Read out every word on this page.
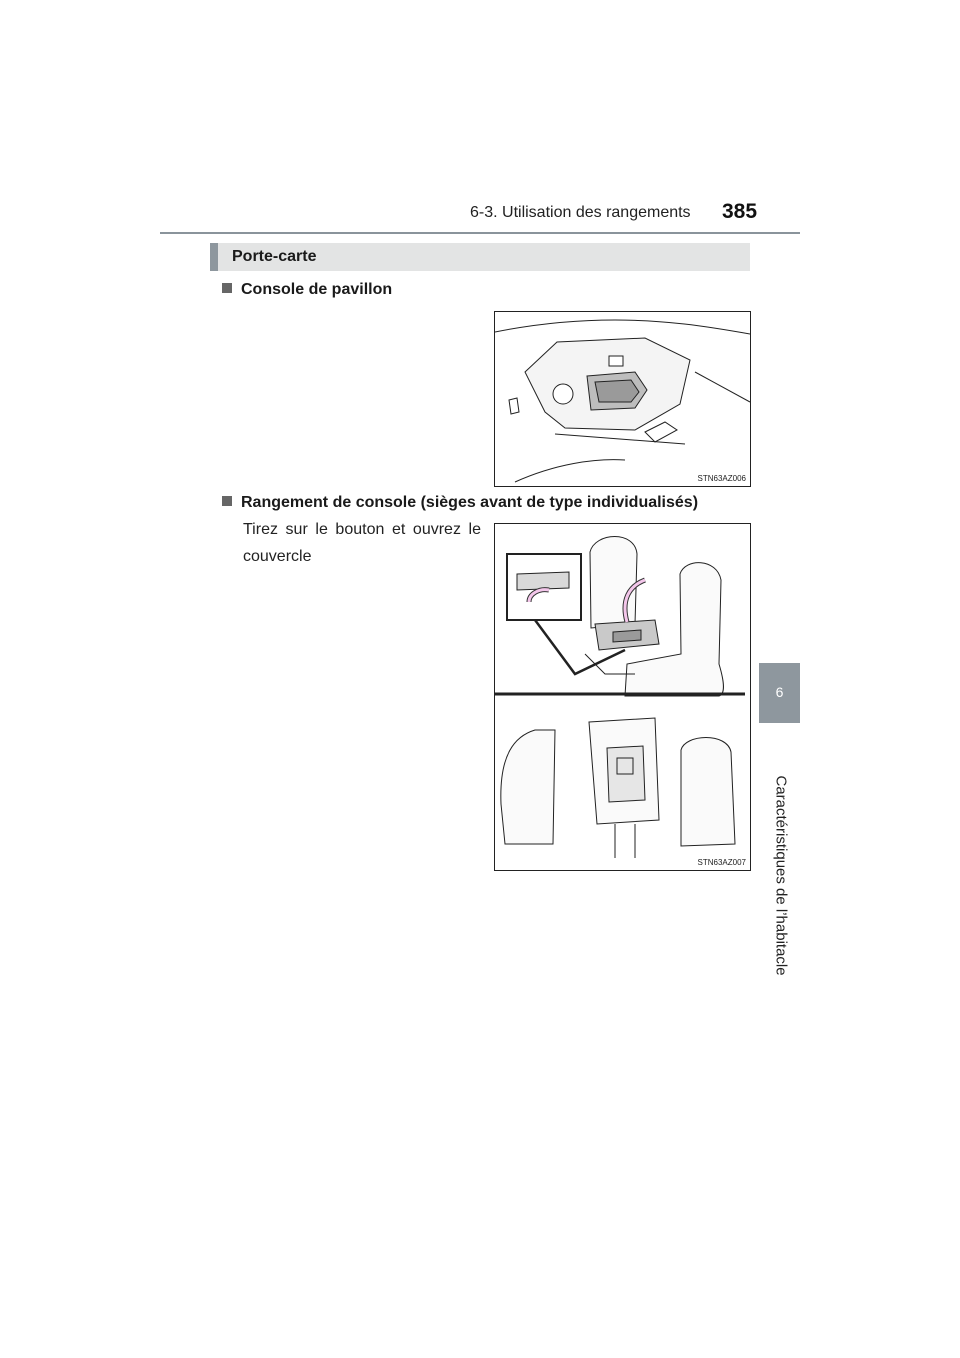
6-3. Utilisation des rangements 385
6
Caractéristiques de l’habitacle
Porte-carte
Console de pavillon
STN63AZ006
Rangement de console (sièges avant de type individualisés)
Tirez sur le bouton et ouvrez le couvercle
STN63AZ007
